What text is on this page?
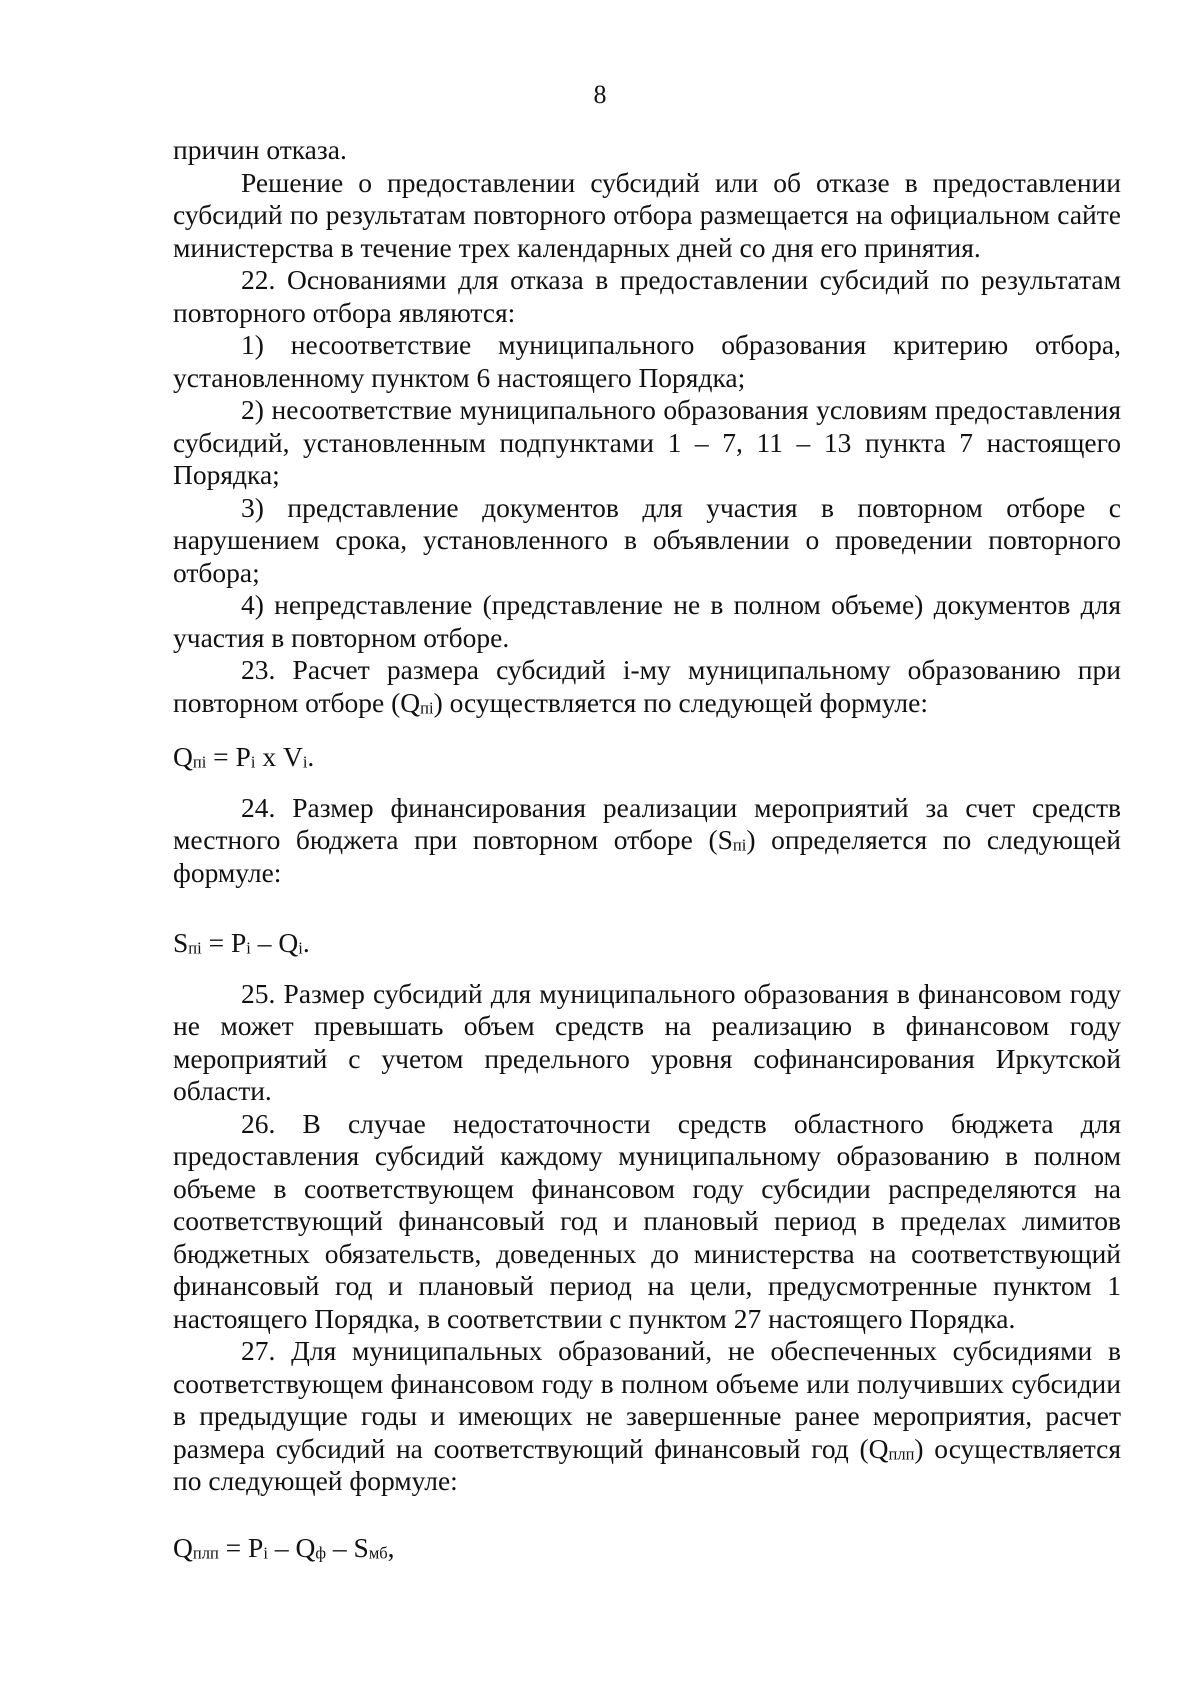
8

причин отказа.

Решение о предоставлении субсидий или об отказе в предоставлении субсидий по результатам повторного отбора размещается на официальном сайте министерства в течение трех календарных дней со дня его принятия.

22. Основаниями для отказа в предоставлении субсидий по результатам повторного отбора являются:

1) несоответствие муниципального образования критерию отбора, установленному пунктом 6 настоящего Порядка;

2) несоответствие муниципального образования условиям предоставления субсидий, установленным подпунктами 1 – 7, 11 – 13 пункта 7 настоящего Порядка;

3) представление документов для участия в повторном отборе с нарушением срока, установленного в объявлении о проведении повторного отбора;

4) непредставление (представление не в полном объеме) документов для участия в повторном отборе.

23. Расчет размера субсидий i-му муниципальному образованию при повторном отборе $(Q_{пi})$ осуществляется по следующей формуле:

$Q_{пi} = P_i$ х $V_i$.

24. Размер финансирования реализации мероприятий за счет средств местного бюджета при повторном отборе $(S_{пi})$ определяется по следующей формуле:

$S_{пi} = P_i - Q_i$.

25. Размер субсидий для муниципального образования в финансовом году не может превышать объем средств на реализацию в финансовом году мероприятий с учетом предельного уровня софинансирования Иркутской области.

26. В случае недостаточности средств областного бюджета для предоставления субсидий каждому муниципальному образованию в полном объеме в соответствующем финансовом году субсидии распределяются на соответствующий финансовый год и плановый период в пределах лимитов бюджетных обязательств, доведенных до министерства на соответствующий финансовый год и плановый период на цели, предусмотренные пунктом 1 настоящего Порядка, в соответствии с пунктом 27 настоящего Порядка.

27. Для муниципальных образований, не обеспеченных субсидиями в соответствующем финансовом году в полном объеме или получивших субсидии в предыдущие годы и имеющих не завершенные ранее мероприятия, расчет размера субсидий на соответствующий финансовый год $(Q_{плп})$ осуществляется по следующей формуле:

$Q_{плп} = P_i - Q_ф - S_{мб}$,
